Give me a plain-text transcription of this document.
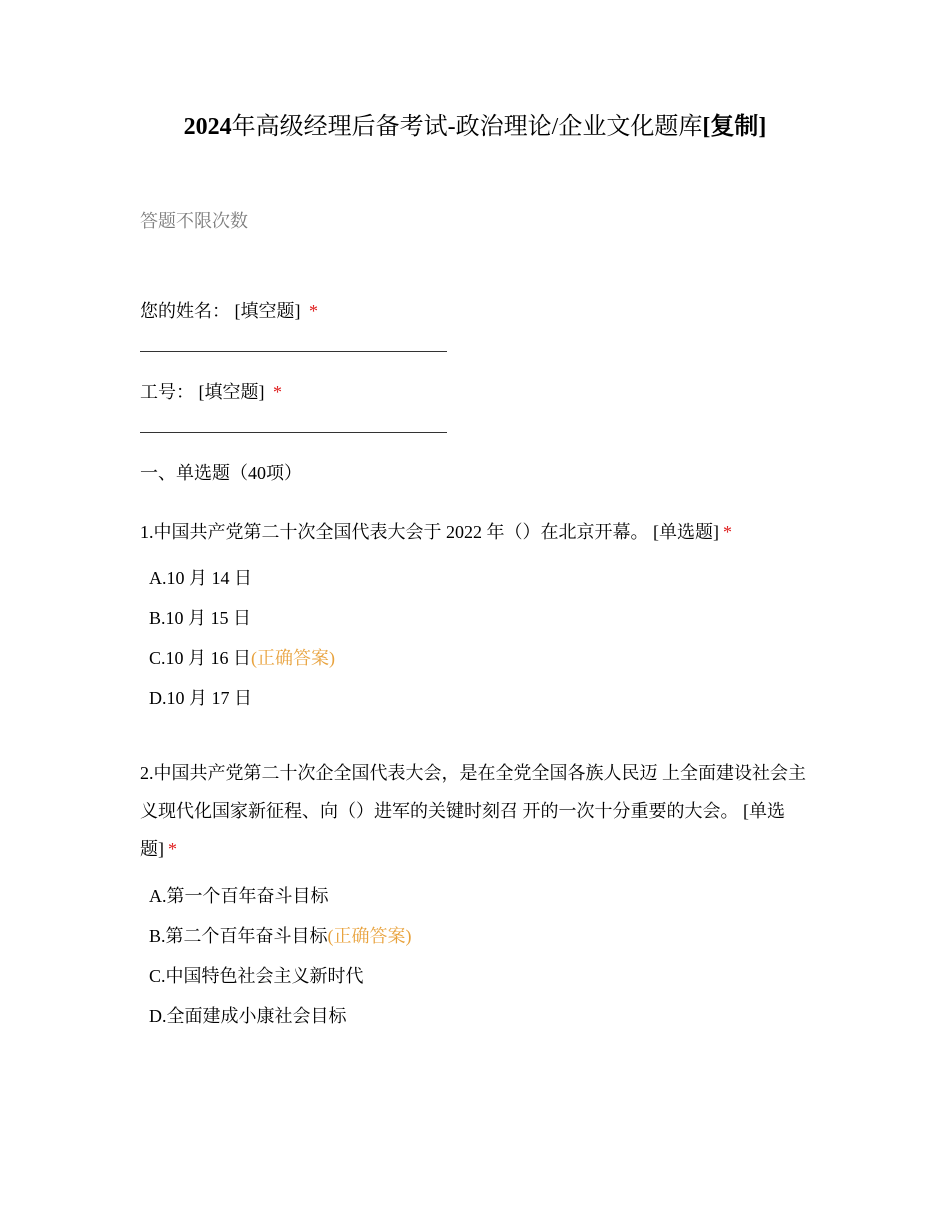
2024年高级经理后备考试-政治理论/企业文化题库[复制]
答题不限次数
您的姓名： [填空题] *
工号： [填空题] *
一、单选题（40项）
1.中国共产党第二十次全国代表大会于 2022 年（）在北京开幕。 [单选题] *
A.10 月 14 日
B.10 月 15 日
C.10 月 16 日(正确答案)
D.10 月 17 日
2.中国共产党第二十次企全国代表大会，是在全党全国各族人民迈 上全面建设社会主义现代化国家新征程、向（）进军的关键时刻召 开的一次十分重要的大会。 [单选题] *
A.第一个百年奋斗目标
B.第二个百年奋斗目标(正确答案)
C.中国特色社会主义新时代
D.全面建成小康社会目标
